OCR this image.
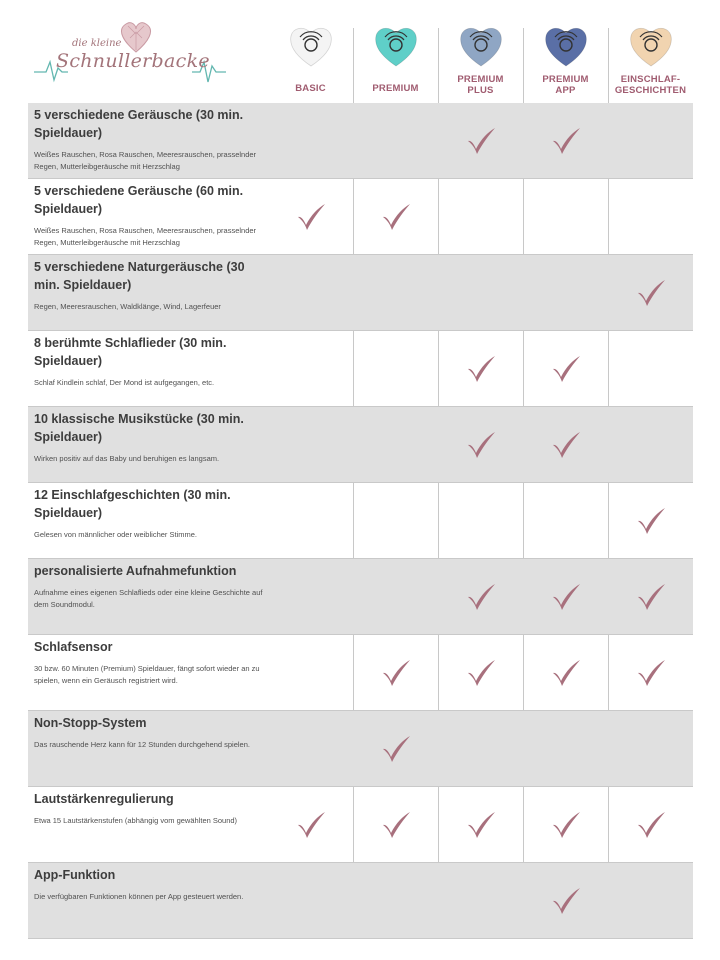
die kleine
Schnullerbacke
BASIC	PREMIUM
PREMIUM PLUS
PREMIUM APP
EINSCHLAF- GESCHICHTEN
5 verschiedene Geräusche (30 min. Spieldauer)
Weißes Rauschen, Rosa Rauschen, Meeresrauschen, prasselnder Regen, Mutterleibgeräusche mit Herzschlag
5 verschiedene Geräusche (60 min. Spieldauer)
Weißes Rauschen, Rosa Rauschen, Meeresrauschen, prasselnder Regen, Mutterleibgeräusche mit Herzschlag
5 verschiedene Naturgeräusche (30 min. Spieldauer)
Regen, Meeresrauschen, Waldklänge, Wind, Lagerfeuer
8 berühmte Schlaflieder (30 min. Spieldauer)
Schlaf Kindlein schlaf, Der Mond ist aufgegangen, etc.
10 klassische Musikstücke (30 min. Spieldauer)
Wirken positiv auf das Baby und beruhigen es langsam.
12 Einschlafgeschichten (30 min. Spieldauer)
Gelesen von männlicher oder weiblicher Stimme.
personalisierte Aufnahmefunktion
Aufnahme eines eigenen Schlaflieds oder eine kleine Geschichte auf dem Soundmodul.
Schlafsensor
30 bzw. 60 Minuten (Premium) Spieldauer, fängt sofort wieder an zu spielen, wenn ein Geräusch registriert wird.
Non-Stopp-System
Das rauschende Herz kann für 12 Stunden durchgehend spielen.
Lautstärkenregulierung
Etwa 15 Lautstärkenstufen (abhängig vom gewählten Sound)
App-Funktion
Die verfügbaren Funktionen können per App gesteuert werden.
